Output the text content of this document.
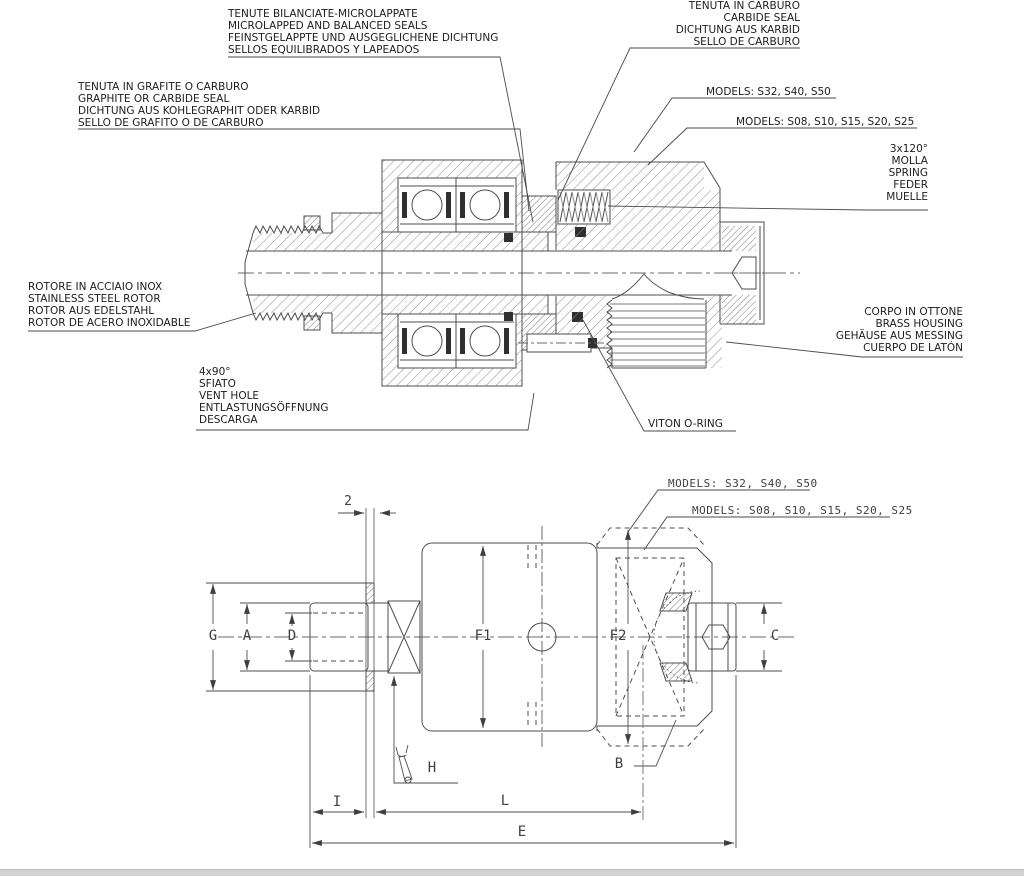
TENUTE BILANCIATE-MICROLAPPATE
MICROLAPPED AND BALANCED SEALS
FEINSTGELAPPTE UND AUSGEGLICHENE DICHTUNG
SELLOS EQUILIBRADOS Y LAPEADOS
TENUTA IN CARBURO
CARBIDE SEAL
DICHTUNG AUS KARBID
SELLO DE CARBURO
TENUTA IN GRAFITE O CARBURO
GRAPHITE OR CARBIDE SEAL
DICHTUNG AUS KOHLEGRAPHIT ODER KARBID
SELLO DE GRAFITO O DE CARBURO
MODELS: S32, S40, S50
MODELS: S08, S10, S15, S20, S25
3x120°
MOLLA
SPRING
FEDER
MUELLE
ROTORE IN ACCIAIO INOX
STAINLESS STEEL ROTOR
ROTOR AUS EDELSTAHL
ROTOR DE ACERO INOXIDABLE
CORPO IN OTTONE
BRASS HOUSING
GEHÄUSE AUS MESSING
CUERPO DE LATÓN
4x90°
SFIATO
VENT HOLE
ENTLASTUNGSÖFFNUNG
DESCARGA	VITON O-RING
MODELS: S32, S40, S50
MODELS: S08, S10, S15, S20, S25
2
G A	D	F1	F2	C
H	B
I	L
E
